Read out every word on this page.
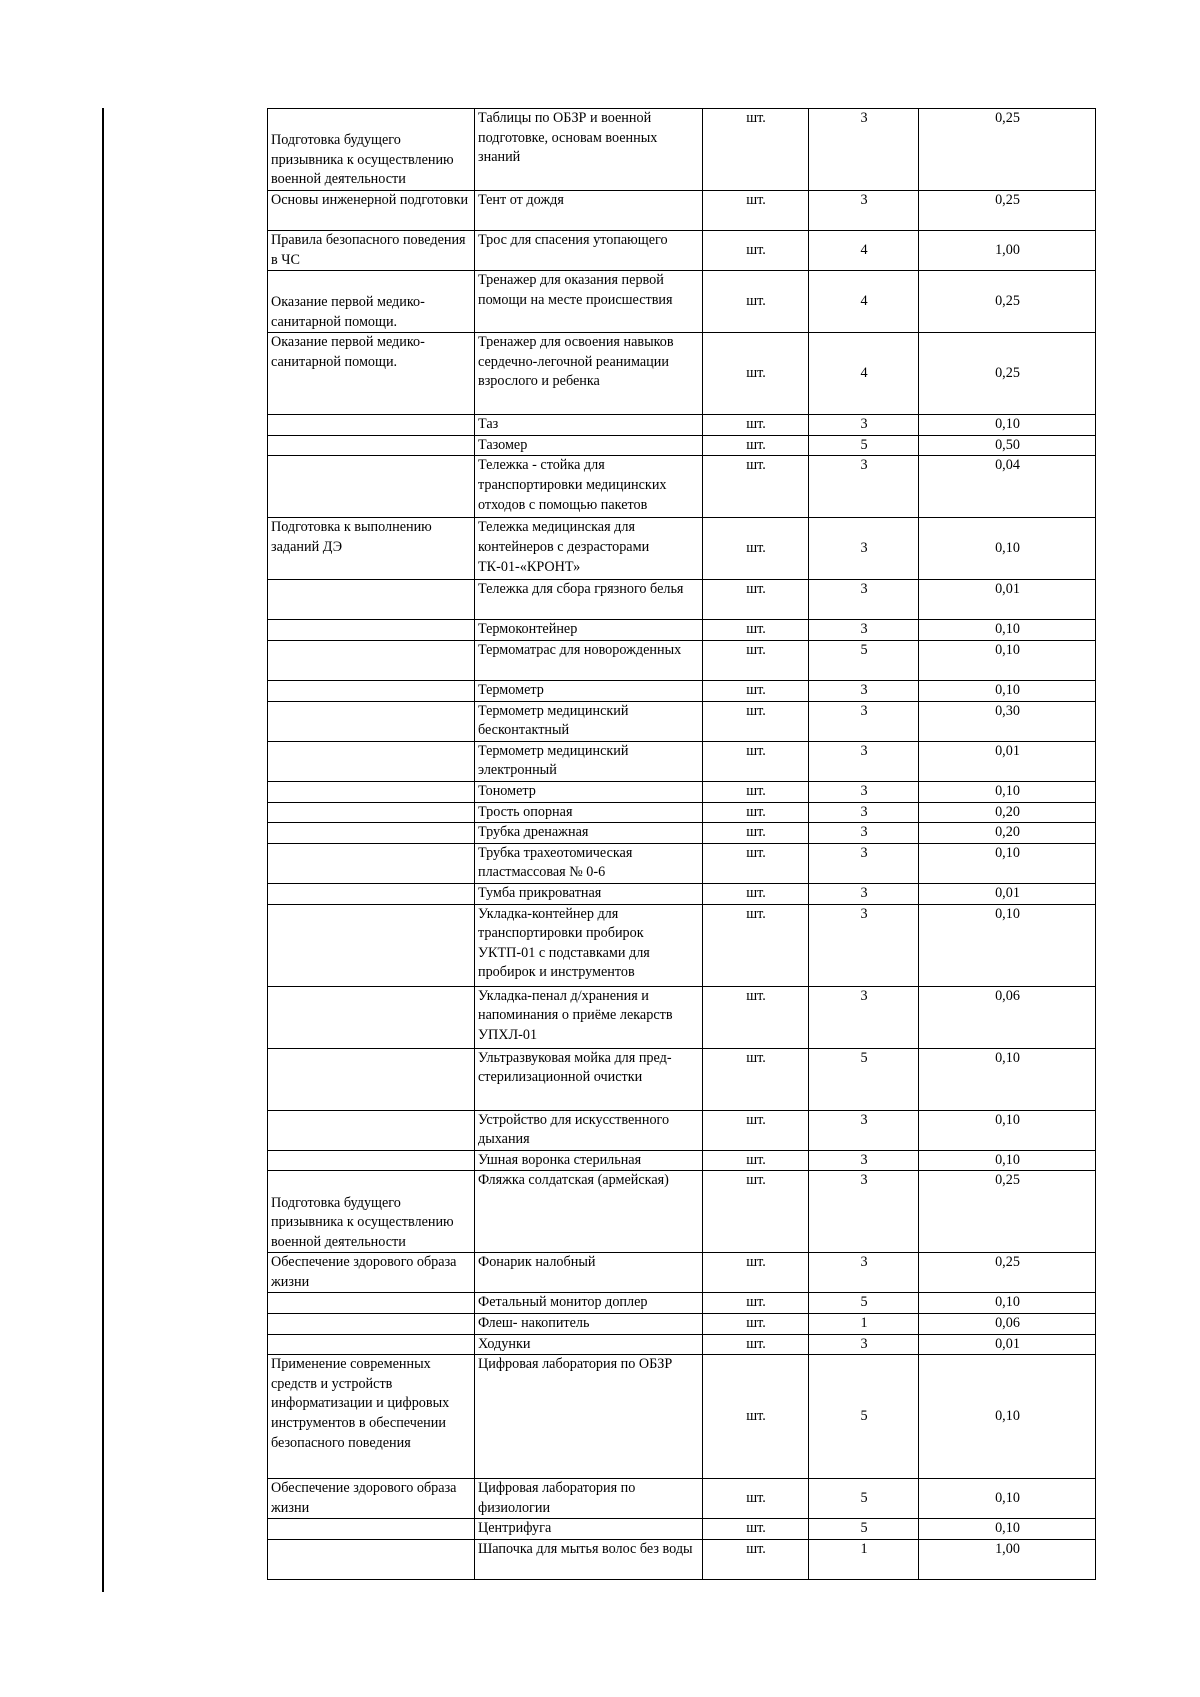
Подготовка будущего призывника к осуществлению военной деятельности	Таблицы по ОБЗР и военной подготовке, основам военных знаний	шт.	3	0,25
Основы инженерной подготовки	Тент от дождя	шт.	3	0,25
Правила безопасного поведения в ЧС	Трос для спасения утопающего	шт.	4	1,00
Оказание первой медико-санитарной помощи.	Тренажер для оказания первой помощи на месте происшествия	шт.	4	0,25
Оказание первой медико-санитарной помощи.	Тренажер для освоения навыков сердечно-легочной реанимации взрослого и ребенка	шт.	4	0,25
	Таз	шт.	3	0,10
	Тазомер	шт.	5	0,50
	Тележка - стойка для транспортировки медицинских отходов с помощью пакетов	шт.	3	0,04
Подготовка к выполнению заданий ДЭ	Тележка медицинская для контейнеров с дезрасторами ТК-01-«КРОНТ»	шт.	3	0,10
	Тележка для сбора грязного белья	шт.	3	0,01
	Термоконтейнер	шт.	3	0,10
	Термоматрас для новорожденных	шт.	5	0,10
	Термометр	шт.	3	0,10
	Термометр медицинский бесконтактный	шт.	3	0,30
	Термометр медицинский электронный	шт.	3	0,01
	Тонометр	шт.	3	0,10
	Трость опорная	шт.	3	0,20
	Трубка дренажная	шт.	3	0,20
	Трубка трахеотомическая пластмассовая № 0-6	шт.	3	0,10
	Тумба прикроватная	шт.	3	0,01
	Укладка-контейнер для транспортировки пробирок УКТП-01 с подставками для пробирок и инструментов	шт.	3	0,10
	Укладка-пенал д/хранения и напоминания о приёме лекарств УПХЛ-01	шт.	3	0,06
	Ультразвуковая мойка для пред-стерилизационной очистки	шт.	5	0,10
	Устройство для искусственного дыхания	шт.	3	0,10
	Ушная воронка стерильная	шт.	3	0,10
Подготовка будущего призывника к осуществлению военной деятельности	Фляжка солдатская (армейская)	шт.	3	0,25
Обеспечение здорового образа жизни	Фонарик налобный	шт.	3	0,25
	Фетальный монитор доплер	шт.	5	0,10
	Флеш- накопитель	шт.	1	0,06
	Ходунки	шт.	3	0,01
Применение современных средств и устройств информатизации и цифровых инструментов в обеспечении безопасного поведения	Цифровая лаборатория по ОБЗР	шт.	5	0,10
Обеспечение здорового образа жизни	Цифровая лаборатория по физиологии	шт.	5	0,10
	Центрифуга	шт.	5	0,10
	Шапочка для мытья волос без воды	шт.	1	1,00
